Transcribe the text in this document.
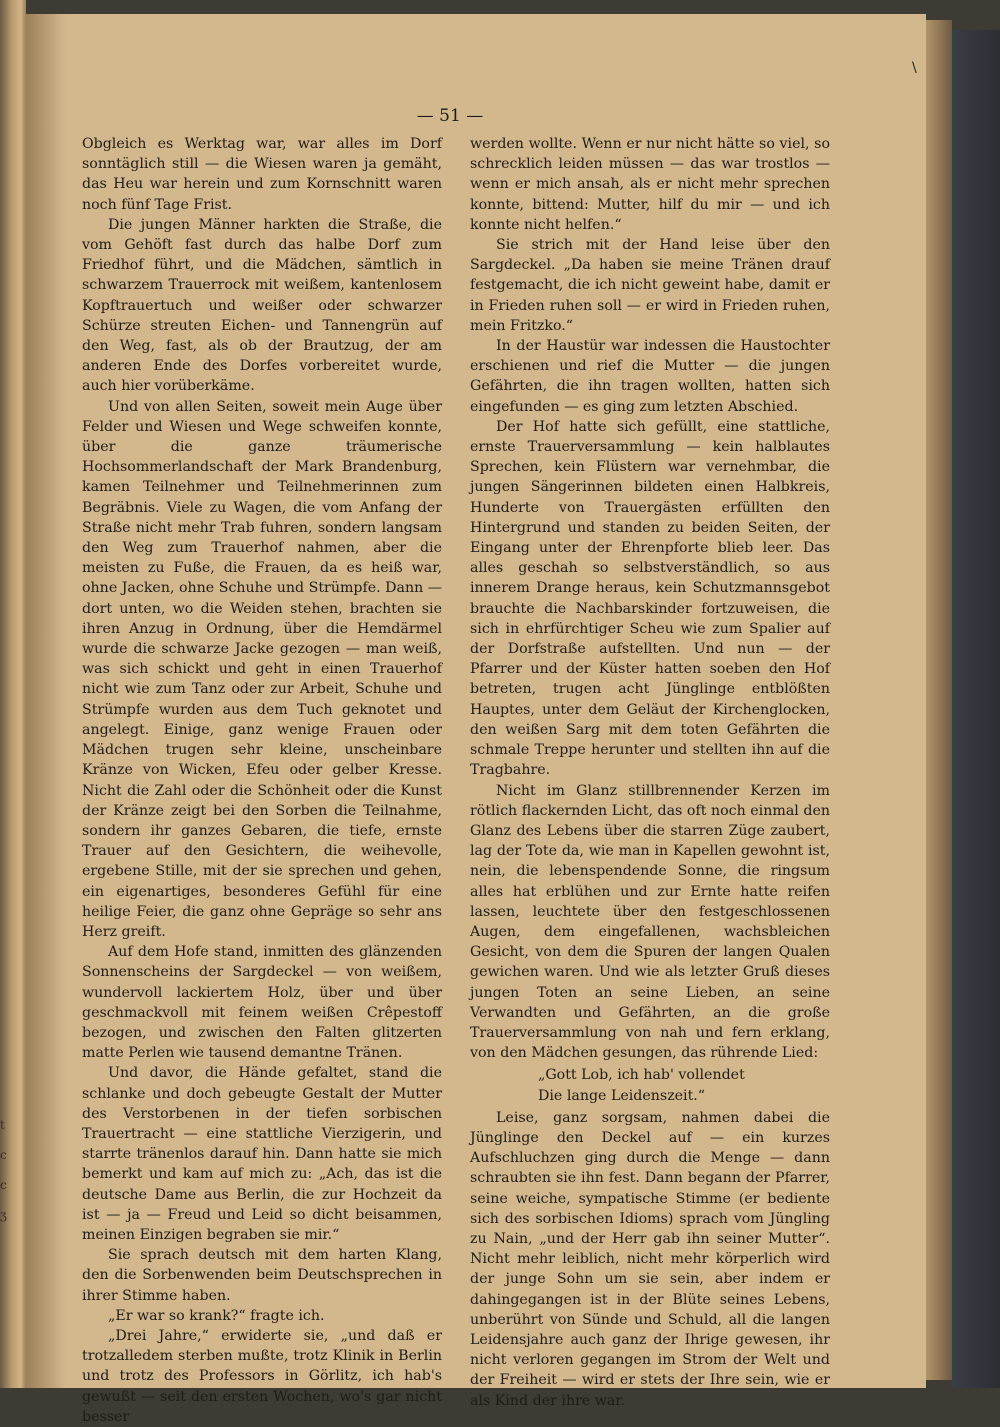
t
c
c
ʒ
— 51 —

Obgleich es Werktag war, war alles im Dorf sonntäglich still — die Wiesen waren ja gemäht, das Heu war herein und zum Kornschnitt waren noch fünf Tage Frist.

Die jungen Männer harkten die Straße, die vom Gehöft fast durch das halbe Dorf zum Friedhof führt, und die Mädchen, sämtlich in schwarzem Trauerrock mit weißem, kantenlosem Kopftrauertuch und weißer oder schwarzer Schürze streuten Eichen- und Tannengrün auf den Weg, fast, als ob der Brautzug, der am anderen Ende des Dorfes vorbereitet wurde, auch hier vorüberkäme.

Und von allen Seiten, soweit mein Auge über Felder und Wiesen und Wege schweifen konnte, über die ganze träumerische Hochsommerlandschaft der Mark Brandenburg, kamen Teilnehmer und Teilnehmerinnen zum Begräbnis. Viele zu Wagen, die vom Anfang der Straße nicht mehr Trab fuhren, sondern langsam den Weg zum Trauerhof nahmen, aber die meisten zu Fuße, die Frauen, da es heiß war, ohne Jacken, ohne Schuhe und Strümpfe. Dann — dort unten, wo die Weiden stehen, brachten sie ihren Anzug in Ordnung, über die Hemdärmel wurde die schwarze Jacke gezogen — man weiß, was sich schickt und geht in einen Trauerhof nicht wie zum Tanz oder zur Arbeit, Schuhe und Strümpfe wurden aus dem Tuch geknotet und angelegt. Einige, ganz wenige Frauen oder Mädchen trugen sehr kleine, unscheinbare Kränze von Wicken, Efeu oder gelber Kresse. Nicht die Zahl oder die Schönheit oder die Kunst der Kränze zeigt bei den Sorben die Teilnahme, sondern ihr ganzes Gebaren, die tiefe, ernste Trauer auf den Gesichtern, die weihevolle, ergebene Stille, mit der sie sprechen und gehen, ein eigenartiges, besonderes Gefühl für eine heilige Feier, die ganz ohne Gepräge so sehr ans Herz greift.

Auf dem Hofe stand, inmitten des glänzenden Sonnenscheins der Sargdeckel — von weißem, wundervoll lackiertem Holz, über und über geschmackvoll mit feinem weißen Crêpestoff bezogen, und zwischen den Falten glitzerten matte Perlen wie tausend demantne Tränen.

Und davor, die Hände gefaltet, stand die schlanke und doch gebeugte Gestalt der Mutter des Verstorbenen in der tiefen sorbischen Trauertracht — eine stattliche Vierzigerin, und starrte tränenlos darauf hin. Dann hatte sie mich bemerkt und kam auf mich zu: „Ach, das ist die deutsche Dame aus Berlin, die zur Hochzeit da ist — ja — Freud und Leid so dicht beisammen, meinen Einzigen begraben sie mir.“

Sie sprach deutsch mit dem harten Klang, den die Sorbenwenden beim Deutschsprechen in ihrer Stimme haben.

„Er war so krank?“ fragte ich.

„Drei Jahre,“ erwiderte sie, „und daß er trotzalledem sterben mußte, trotz Klinik in Berlin und trotz des Professors in Görlitz, ich hab's gewußt — seit den ersten Wochen, wo's gar nicht besser

werden wollte. Wenn er nur nicht hätte so viel, so schrecklich leiden müssen — das war trostlos — wenn er mich ansah, als er nicht mehr sprechen konnte, bittend: Mutter, hilf du mir — und ich konnte nicht helfen.“

Sie strich mit der Hand leise über den Sargdeckel. „Da haben sie meine Tränen drauf festgemacht, die ich nicht geweint habe, damit er in Frieden ruhen soll — er wird in Frieden ruhen, mein Fritzko.“

In der Haustür war indessen die Haustochter erschienen und rief die Mutter — die jungen Gefährten, die ihn tragen wollten, hatten sich eingefunden — es ging zum letzten Abschied.

Der Hof hatte sich gefüllt, eine stattliche, ernste Trauerversammlung — kein halblautes Sprechen, kein Flüstern war vernehmbar, die jungen Sängerinnen bildeten einen Halbkreis, Hunderte von Trauergästen erfüllten den Hintergrund und standen zu beiden Seiten, der Eingang unter der Ehrenpforte blieb leer. Das alles geschah so selbstverständlich, so aus innerem Drange heraus, kein Schutzmannsgebot brauchte die Nachbarskinder fortzuweisen, die sich in ehrfürchtiger Scheu wie zum Spalier auf der Dorfstraße aufstellten. Und nun — der Pfarrer und der Küster hatten soeben den Hof betreten, trugen acht Jünglinge entblößten Hauptes, unter dem Geläut der Kirchenglocken, den weißen Sarg mit dem toten Gefährten die schmale Treppe herunter und stellten ihn auf die Tragbahre.

Nicht im Glanz stillbrennender Kerzen im rötlich flackernden Licht, das oft noch einmal den Glanz des Lebens über die starren Züge zaubert, lag der Tote da, wie man in Kapellen gewohnt ist, nein, die lebenspendende Sonne, die ringsum alles hat erblühen und zur Ernte hatte reifen lassen, leuchtete über den festgeschlossenen Augen, dem eingefallenen, wachsbleichen Gesicht, von dem die Spuren der langen Qualen gewichen waren. Und wie als letzter Gruß dieses jungen Toten an seine Lieben, an seine Verwandten und Gefährten, an die große Trauerversammlung von nah und fern erklang, von den Mädchen gesungen, das rührende Lied:

„Gott Lob, ich hab' vollendet
Die lange Leidenszeit.“

Leise, ganz sorgsam, nahmen dabei die Jünglinge den Deckel auf — ein kurzes Aufschluchzen ging durch die Menge — dann schraubten sie ihn fest. Dann begann der Pfarrer, seine weiche, sympatische Stimme (er bediente sich des sorbischen Idioms) sprach vom Jüngling zu Nain, „und der Herr gab ihn seiner Mutter“. Nicht mehr leiblich, nicht mehr körperlich wird der junge Sohn um sie sein, aber indem er dahingegangen ist in der Blüte seines Lebens, unberührt von Sünde und Schuld, all die langen Leidensjahre auch ganz der Ihrige gewesen, ihr nicht verloren gegangen im Strom der Welt und der Freiheit — wird er stets der Ihre sein, wie er als Kind der ihre war.

\
